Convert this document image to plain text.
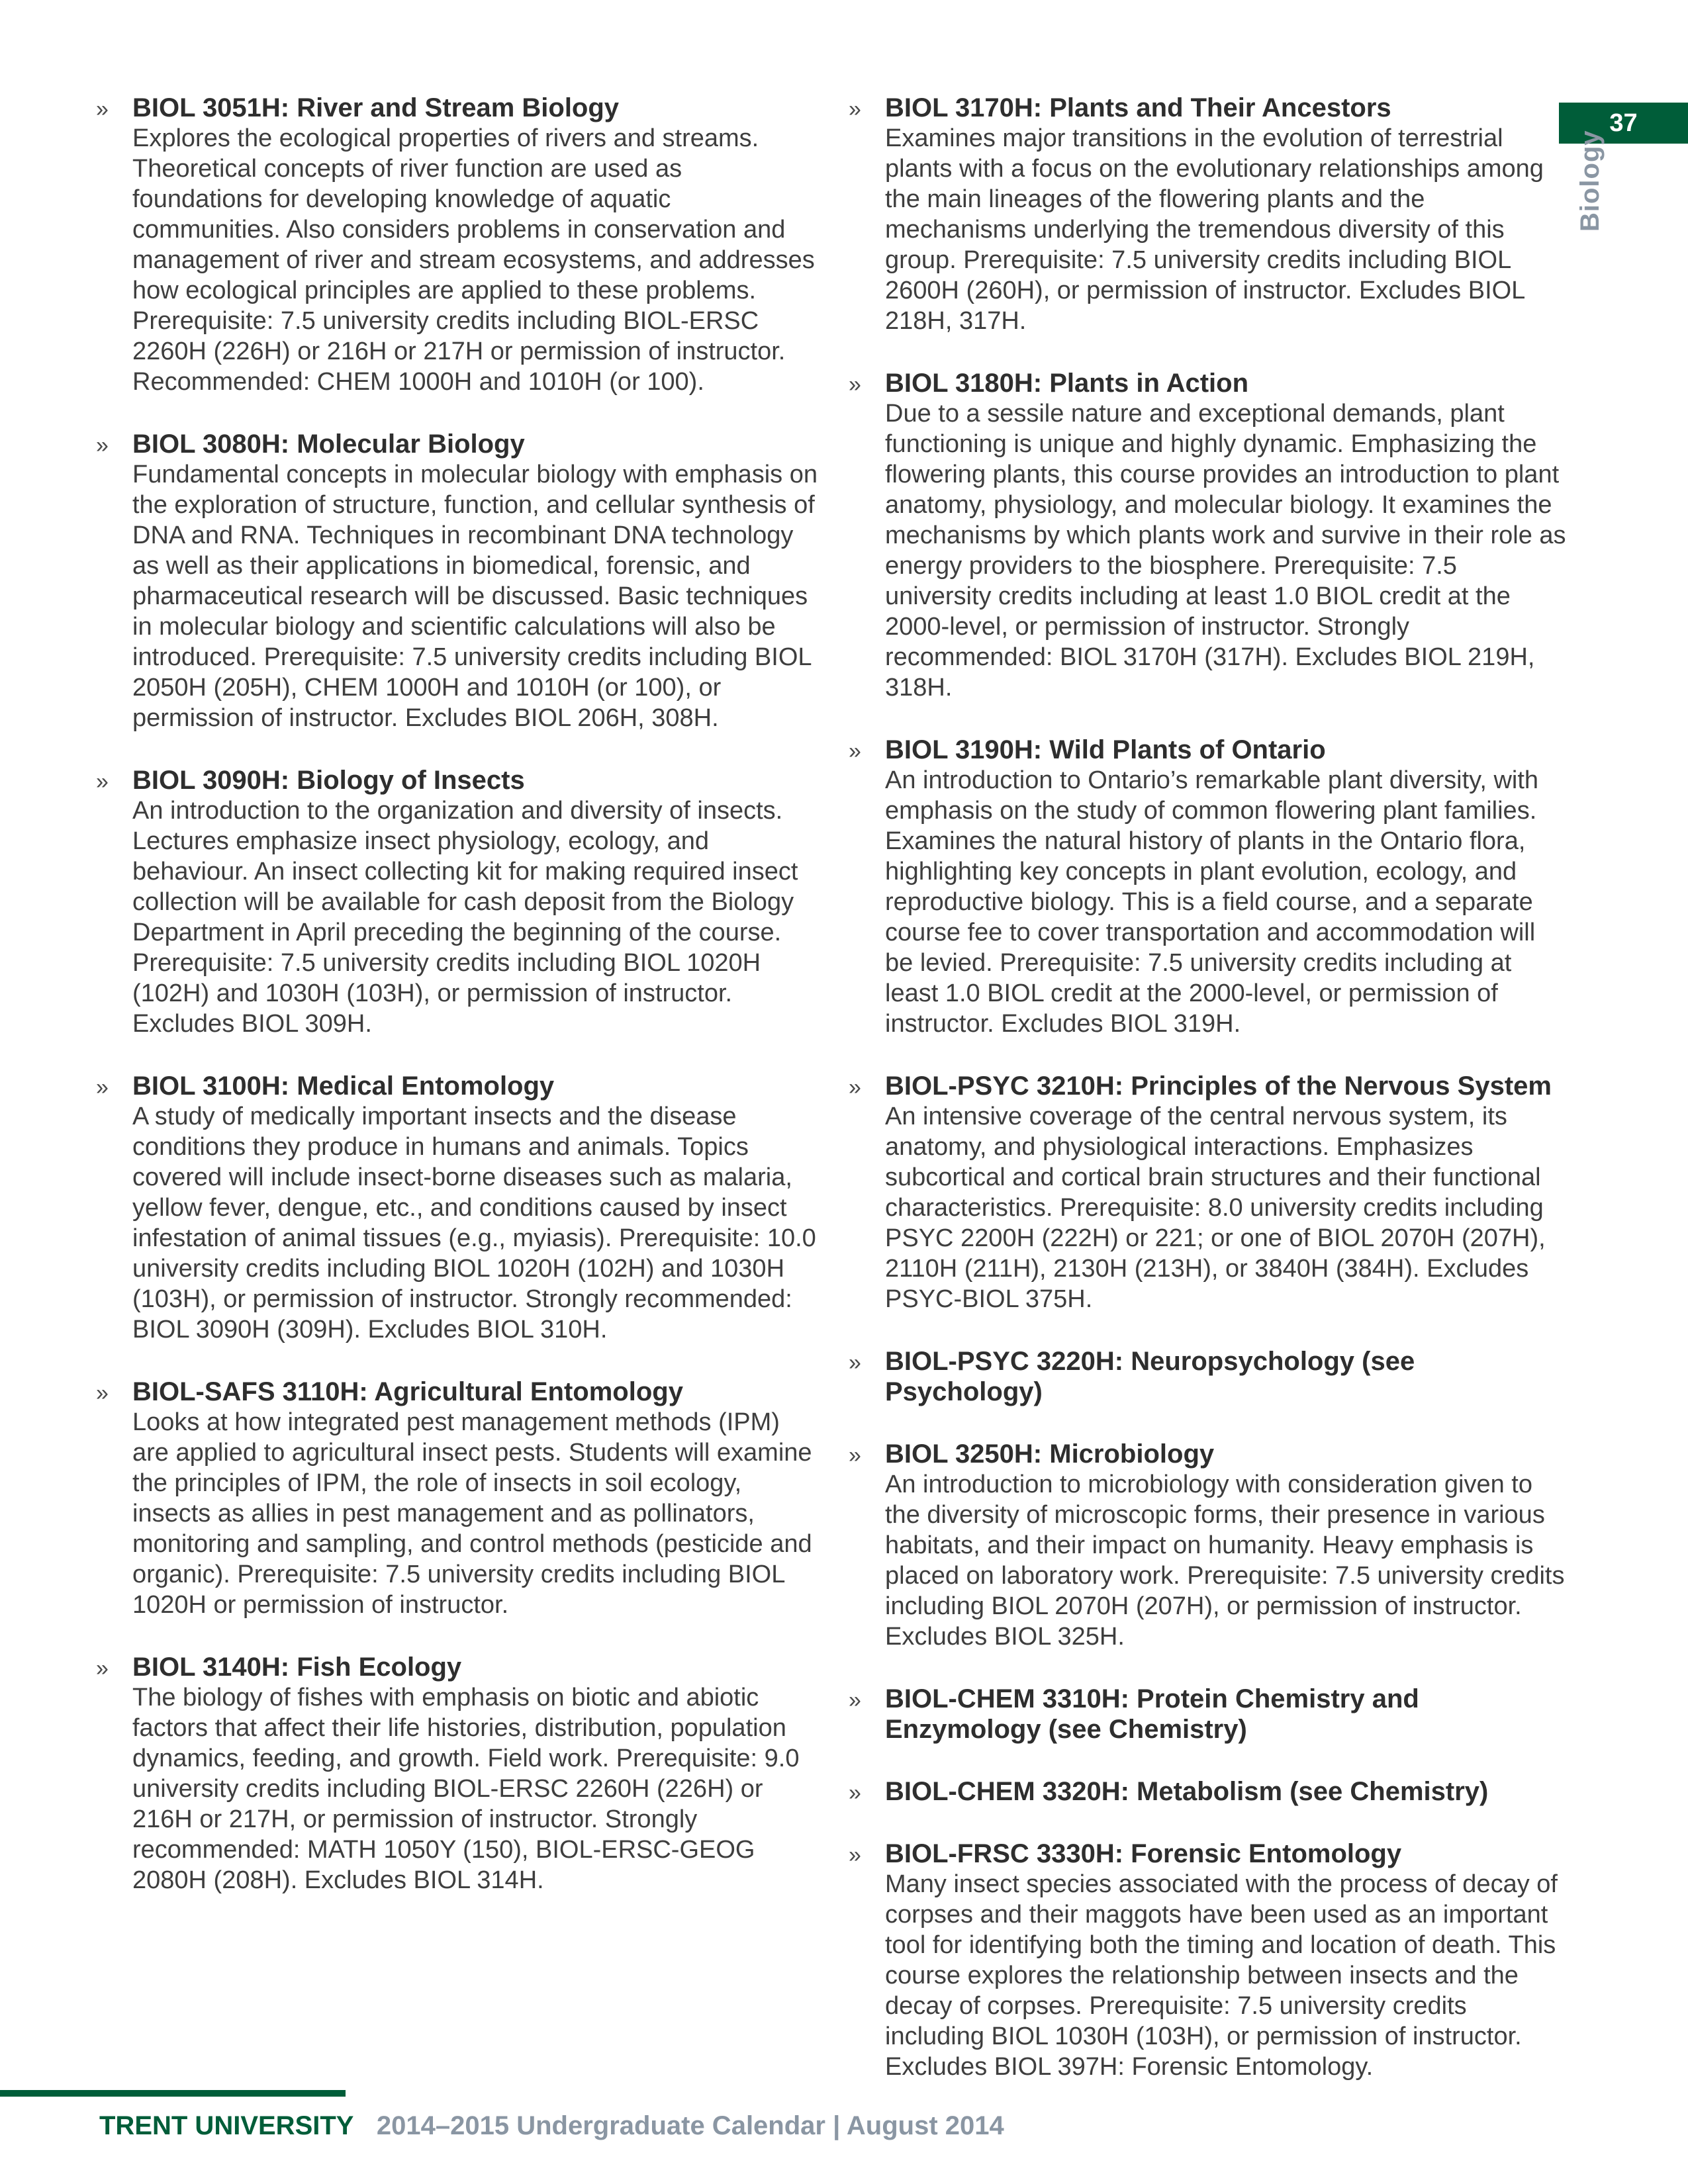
37
Biology
» BIOL 3051H: River and Stream Biology
Explores the ecological properties of rivers and streams. Theoretical concepts of river function are used as foundations for developing knowledge of aquatic communities. Also considers problems in conservation and management of river and stream ecosystems, and addresses how ecological principles are applied to these problems. Prerequisite: 7.5 university credits including BIOL-ERSC 2260H (226H) or 216H or 217H or permission of instructor. Recommended: CHEM 1000H and 1010H (or 100).
» BIOL 3080H: Molecular Biology
Fundamental concepts in molecular biology with emphasis on the exploration of structure, function, and cellular synthesis of DNA and RNA. Techniques in recombinant DNA technology as well as their applications in biomedical, forensic, and pharmaceutical research will be discussed. Basic techniques in molecular biology and scientific calculations will also be introduced. Prerequisite: 7.5 university credits including BIOL 2050H (205H), CHEM 1000H and 1010H (or 100), or permission of instructor. Excludes BIOL 206H, 308H.
» BIOL 3090H: Biology of Insects
An introduction to the organization and diversity of insects. Lectures emphasize insect physiology, ecology, and behaviour. An insect collecting kit for making required insect collection will be available for cash deposit from the Biology Department in April preceding the beginning of the course. Prerequisite: 7.5 university credits including BIOL 1020H (102H) and 1030H (103H), or permission of instructor. Excludes BIOL 309H.
» BIOL 3100H: Medical Entomology
A study of medically important insects and the disease conditions they produce in humans and animals. Topics covered will include insect-borne diseases such as malaria, yellow fever, dengue, etc., and conditions caused by insect infestation of animal tissues (e.g., myiasis). Prerequisite: 10.0 university credits including BIOL 1020H (102H) and 1030H (103H), or permission of instructor. Strongly recommended: BIOL 3090H (309H). Excludes BIOL 310H.
» BIOL-SAFS 3110H: Agricultural Entomology
Looks at how integrated pest management methods (IPM) are applied to agricultural insect pests. Students will examine the principles of IPM, the role of insects in soil ecology, insects as allies in pest management and as pollinators, monitoring and sampling, and control methods (pesticide and organic). Prerequisite: 7.5 university credits including BIOL 1020H or permission of instructor.
» BIOL 3140H: Fish Ecology
The biology of fishes with emphasis on biotic and abiotic factors that affect their life histories, distribution, population dynamics, feeding, and growth. Field work. Prerequisite: 9.0 university credits including BIOL-ERSC 2260H (226H) or 216H or 217H, or permission of instructor. Strongly recommended: MATH 1050Y (150), BIOL-ERSC-GEOG 2080H (208H). Excludes BIOL 314H.
» BIOL 3170H: Plants and Their Ancestors
Examines major transitions in the evolution of terrestrial plants with a focus on the evolutionary relationships among the main lineages of the flowering plants and the mechanisms underlying the tremendous diversity of this group. Prerequisite: 7.5 university credits including BIOL 2600H (260H), or permission of instructor. Excludes BIOL 218H, 317H.
» BIOL 3180H: Plants in Action
Due to a sessile nature and exceptional demands, plant functioning is unique and highly dynamic. Emphasizing the flowering plants, this course provides an introduction to plant anatomy, physiology, and molecular biology. It examines the mechanisms by which plants work and survive in their role as energy providers to the biosphere. Prerequisite: 7.5 university credits including at least 1.0 BIOL credit at the 2000-level, or permission of instructor. Strongly recommended: BIOL 3170H (317H). Excludes BIOL 219H, 318H.
» BIOL 3190H: Wild Plants of Ontario
An introduction to Ontario’s remarkable plant diversity, with emphasis on the study of common flowering plant families. Examines the natural history of plants in the Ontario flora, highlighting key concepts in plant evolution, ecology, and reproductive biology. This is a field course, and a separate course fee to cover transportation and accommodation will be levied. Prerequisite: 7.5 university credits including at least 1.0 BIOL credit at the 2000-level, or permission of instructor. Excludes BIOL 319H.
» BIOL-PSYC 3210H: Principles of the Nervous System
An intensive coverage of the central nervous system, its anatomy, and physiological interactions. Emphasizes subcortical and cortical brain structures and their functional characteristics. Prerequisite: 8.0 university credits including PSYC 2200H (222H) or 221; or one of BIOL 2070H (207H), 2110H (211H), 2130H (213H), or 3840H (384H). Excludes PSYC-BIOL 375H.
» BIOL-PSYC 3220H: Neuropsychology (see Psychology)
» BIOL 3250H: Microbiology
An introduction to microbiology with consideration given to the diversity of microscopic forms, their presence in various habitats, and their impact on humanity. Heavy emphasis is placed on laboratory work. Prerequisite: 7.5 university credits including BIOL 2070H (207H), or permission of instructor. Excludes BIOL 325H.
» BIOL-CHEM 3310H: Protein Chemistry and Enzymology (see Chemistry)
» BIOL-CHEM 3320H: Metabolism (see Chemistry)
» BIOL-FRSC 3330H: Forensic Entomology
Many insect species associated with the process of decay of corpses and their maggots have been used as an important tool for identifying both the timing and location of death. This course explores the relationship between insects and the decay of corpses. Prerequisite: 7.5 university credits including BIOL 1030H (103H), or permission of instructor. Excludes BIOL 397H: Forensic Entomology.
TRENT UNIVERSITY 2014–2015 Undergraduate Calendar | August 2014
